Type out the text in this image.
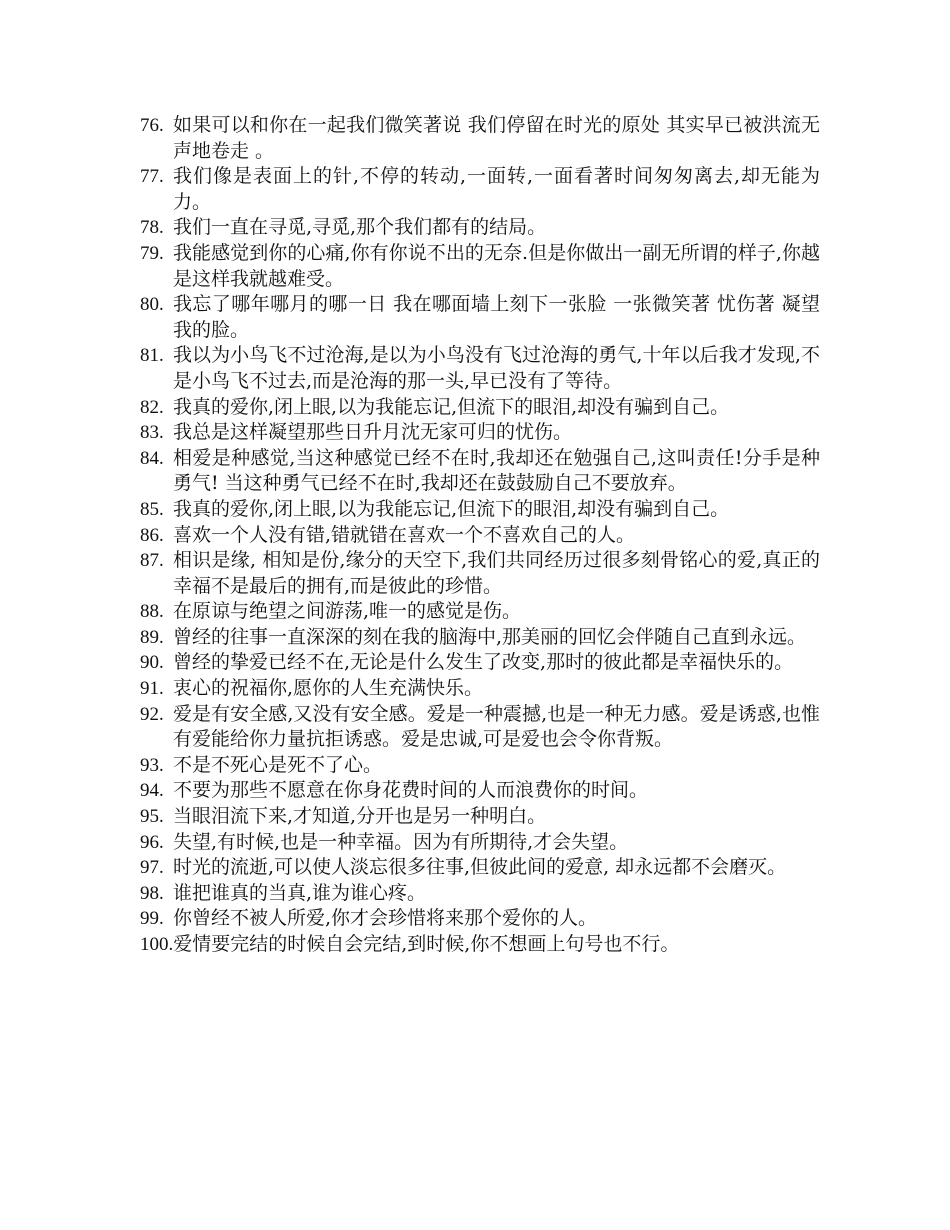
76. 如果可以和你在一起我们微笑著说 我们停留在时光的原处 其实早已被洪流无声地卷走 。
77. 我们像是表面上的针,不停的转动,一面转,一面看著时间匆匆离去,却无能为力。
78. 我们一直在寻觅,寻觅,那个我们都有的结局。
79. 我能感觉到你的心痛,你有你说不出的无奈.但是你做出一副无所谓的样子,你越是这样我就越难受。
80. 我忘了哪年哪月的哪一日 我在哪面墙上刻下一张脸 一张微笑著 忧伤著 凝望我的脸。
81. 我以为小鸟飞不过沧海,是以为小鸟没有飞过沧海的勇气,十年以后我才发现,不是小鸟飞不过去,而是沧海的那一头,早已没有了等待。
82. 我真的爱你,闭上眼,以为我能忘记,但流下的眼泪,却没有骗到自己。
83. 我总是这样凝望那些日升月沈无家可归的忧伤。
84. 相爱是种感觉,当这种感觉已经不在时,我却还在勉强自己,这叫责任!分手是种勇气! 当这种勇气已经不在时,我却还在鼓鼓励自己不要放弃。
85. 我真的爱你,闭上眼,以为我能忘记,但流下的眼泪,却没有骗到自己。
86. 喜欢一个人没有错,错就错在喜欢一个不喜欢自己的人。
87. 相识是缘, 相知是份,缘分的天空下,我们共同经历过很多刻骨铭心的爱,真正的幸福不是最后的拥有,而是彼此的珍惜。
88. 在原谅与绝望之间游荡,唯一的感觉是伤。
89. 曾经的往事一直深深的刻在我的脑海中,那美丽的回忆会伴随自己直到永远。
90. 曾经的挚爱已经不在,无论是什么发生了改变,那时的彼此都是幸福快乐的。
91. 衷心的祝福你,愿你的人生充满快乐。
92. 爱是有安全感,又没有安全感。爱是一种震撼,也是一种无力感。爱是诱惑,也惟有爱能给你力量抗拒诱惑。爱是忠诚,可是爱也会令你背叛。
93. 不是不死心是死不了心。
94. 不要为那些不愿意在你身花费时间的人而浪费你的时间。
95. 当眼泪流下来,才知道,分开也是另一种明白。
96. 失望,有时候,也是一种幸福。因为有所期待,才会失望。
97. 时光的流逝,可以使人淡忘很多往事,但彼此间的爱意, 却永远都不会磨灭。
98. 谁把谁真的当真,谁为谁心疼。
99. 你曾经不被人所爱,你才会珍惜将来那个爱你的人。
100. 爱情要完结的时候自会完结,到时候,你不想画上句号也不行。
